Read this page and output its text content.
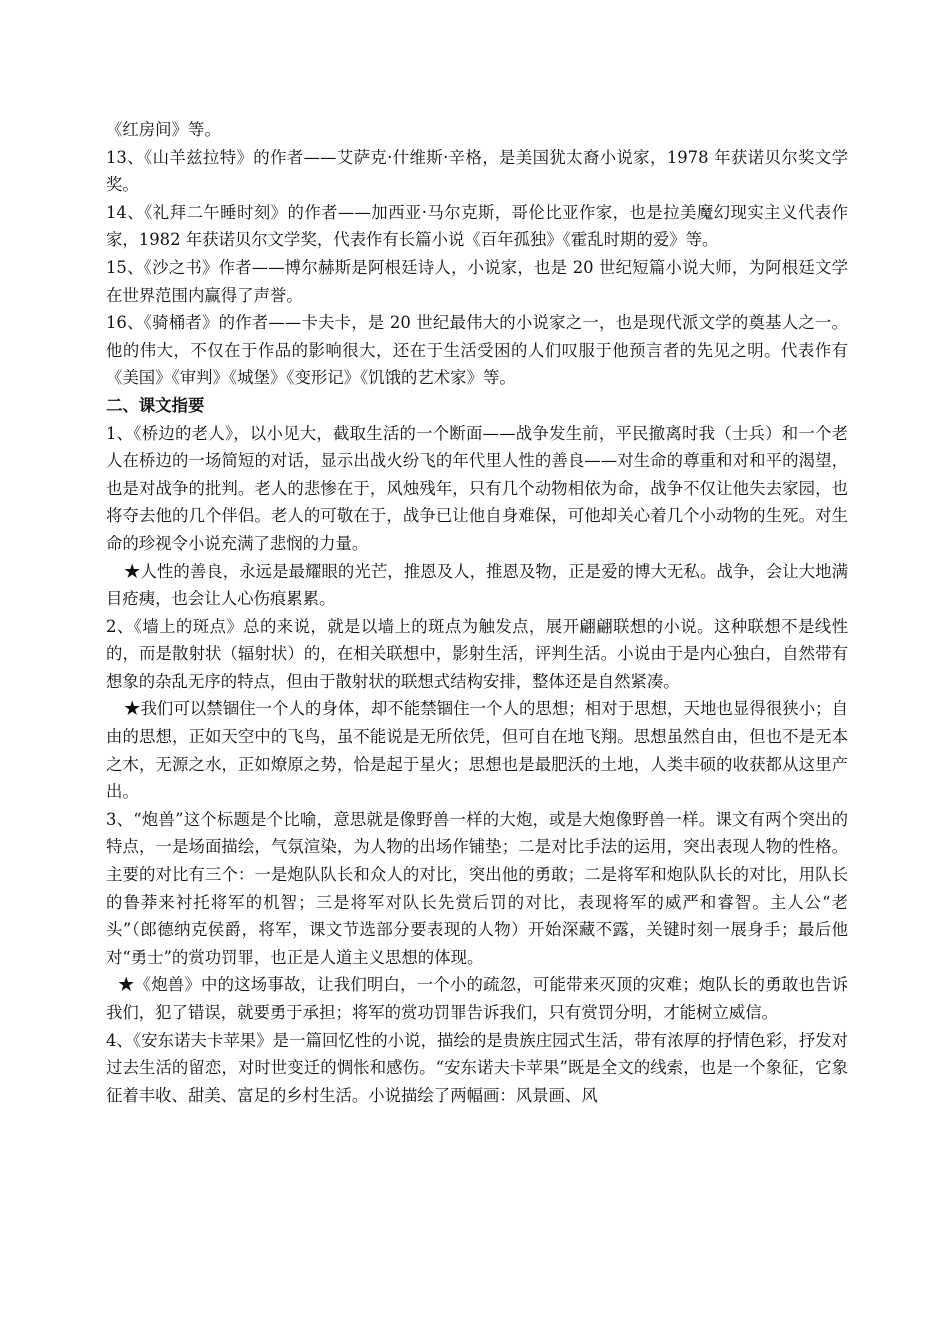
《红房间》等。

13、《山羊兹拉特》的作者——艾萨克·什维斯·辛格，是美国犹太裔小说家，1978 年获诺贝尔奖文学奖。

14、《礼拜二午睡时刻》的作者——加西亚·马尔克斯，哥伦比亚作家，也是拉美魔幻现实主义代表作家，1982 年获诺贝尔文学奖，代表作有长篇小说《百年孤独》《霍乱时期的爱》等。

15、《沙之书》作者——博尔赫斯是阿根廷诗人，小说家，也是 20 世纪短篇小说大师，为阿根廷文学在世界范围内赢得了声誉。

16、《骑桶者》的作者——卡夫卡，是 20 世纪最伟大的小说家之一，也是现代派文学的奠基人之一。他的伟大，不仅在于作品的影响很大，还在于生活受困的人们叹服于他预言者的先见之明。代表作有《美国》《审判》《城堡》《变形记》《饥饿的艺术家》等。

二、课文指要

1、《桥边的老人》，以小见大，截取生活的一个断面——战争发生前，平民撤离时我（士兵）和一个老人在桥边的一场简短的对话，显示出战火纷飞的年代里人性的善良——对生命的尊重和对和平的渴望，也是对战争的批判。老人的悲惨在于，风烛残年，只有几个动物相依为命，战争不仅让他失去家园，也将夺去他的几个伴侣。老人的可敬在于，战争已让他自身难保，可他却关心着几个小动物的生死。对生命的珍视令小说充满了悲悯的力量。

★人性的善良，永远是最耀眼的光芒，推恩及人，推恩及物，正是爱的博大无私。战争，会让大地满目疮痍，也会让人心伤痕累累。

2、《墙上的斑点》总的来说，就是以墙上的斑点为触发点，展开翩翩联想的小说。这种联想不是线性的，而是散射状（辐射状）的，在相关联想中，影射生活，评判生活。小说由于是内心独白，自然带有想象的杂乱无序的特点，但由于散射状的联想式结构安排，整体还是自然紧凑。

★我们可以禁锢住一个人的身体，却不能禁锢住一个人的思想；相对于思想，天地也显得很狭小；自由的思想，正如天空中的飞鸟，虽不能说是无所依凭，但可自在地飞翔。思想虽然自由，但也不是无本之木，无源之水，正如燎原之势，恰是起于星火；思想也是最肥沃的土地，人类丰硕的收获都从这里产出。

3、“炮兽”这个标题是个比喻，意思就是像野兽一样的大炮，或是大炮像野兽一样。课文有两个突出的特点，一是场面描绘，气氛渲染，为人物的出场作铺垫；二是对比手法的运用，突出表现人物的性格。主要的对比有三个：一是炮队队长和众人的对比，突出他的勇敢；二是将军和炮队队长的对比，用队长的鲁莽来衬托将军的机智；三是将军对队长先赏后罚的对比，表现将军的威严和睿智。主人公“老头”（郎德纳克侯爵，将军，课文节选部分要表现的人物）开始深藏不露，关键时刻一展身手；最后他对“勇士”的赏功罚罪，也正是人道主义思想的体现。

★《炮兽》中的这场事故，让我们明白，一个小的疏忽，可能带来灭顶的灾难；炮队长的勇敢也告诉我们，犯了错误，就要勇于承担；将军的赏功罚罪告诉我们，只有赏罚分明，才能树立威信。

4、《安东诺夫卡苹果》是一篇回忆性的小说，描绘的是贵族庄园式生活，带有浓厚的抒情色彩，抒发对过去生活的留恋，对时世变迁的惆怅和感伤。“安东诺夫卡苹果”既是全文的线索，也是一个象征，它象征着丰收、甜美、富足的乡村生活。小说描绘了两幅画：风景画、风
